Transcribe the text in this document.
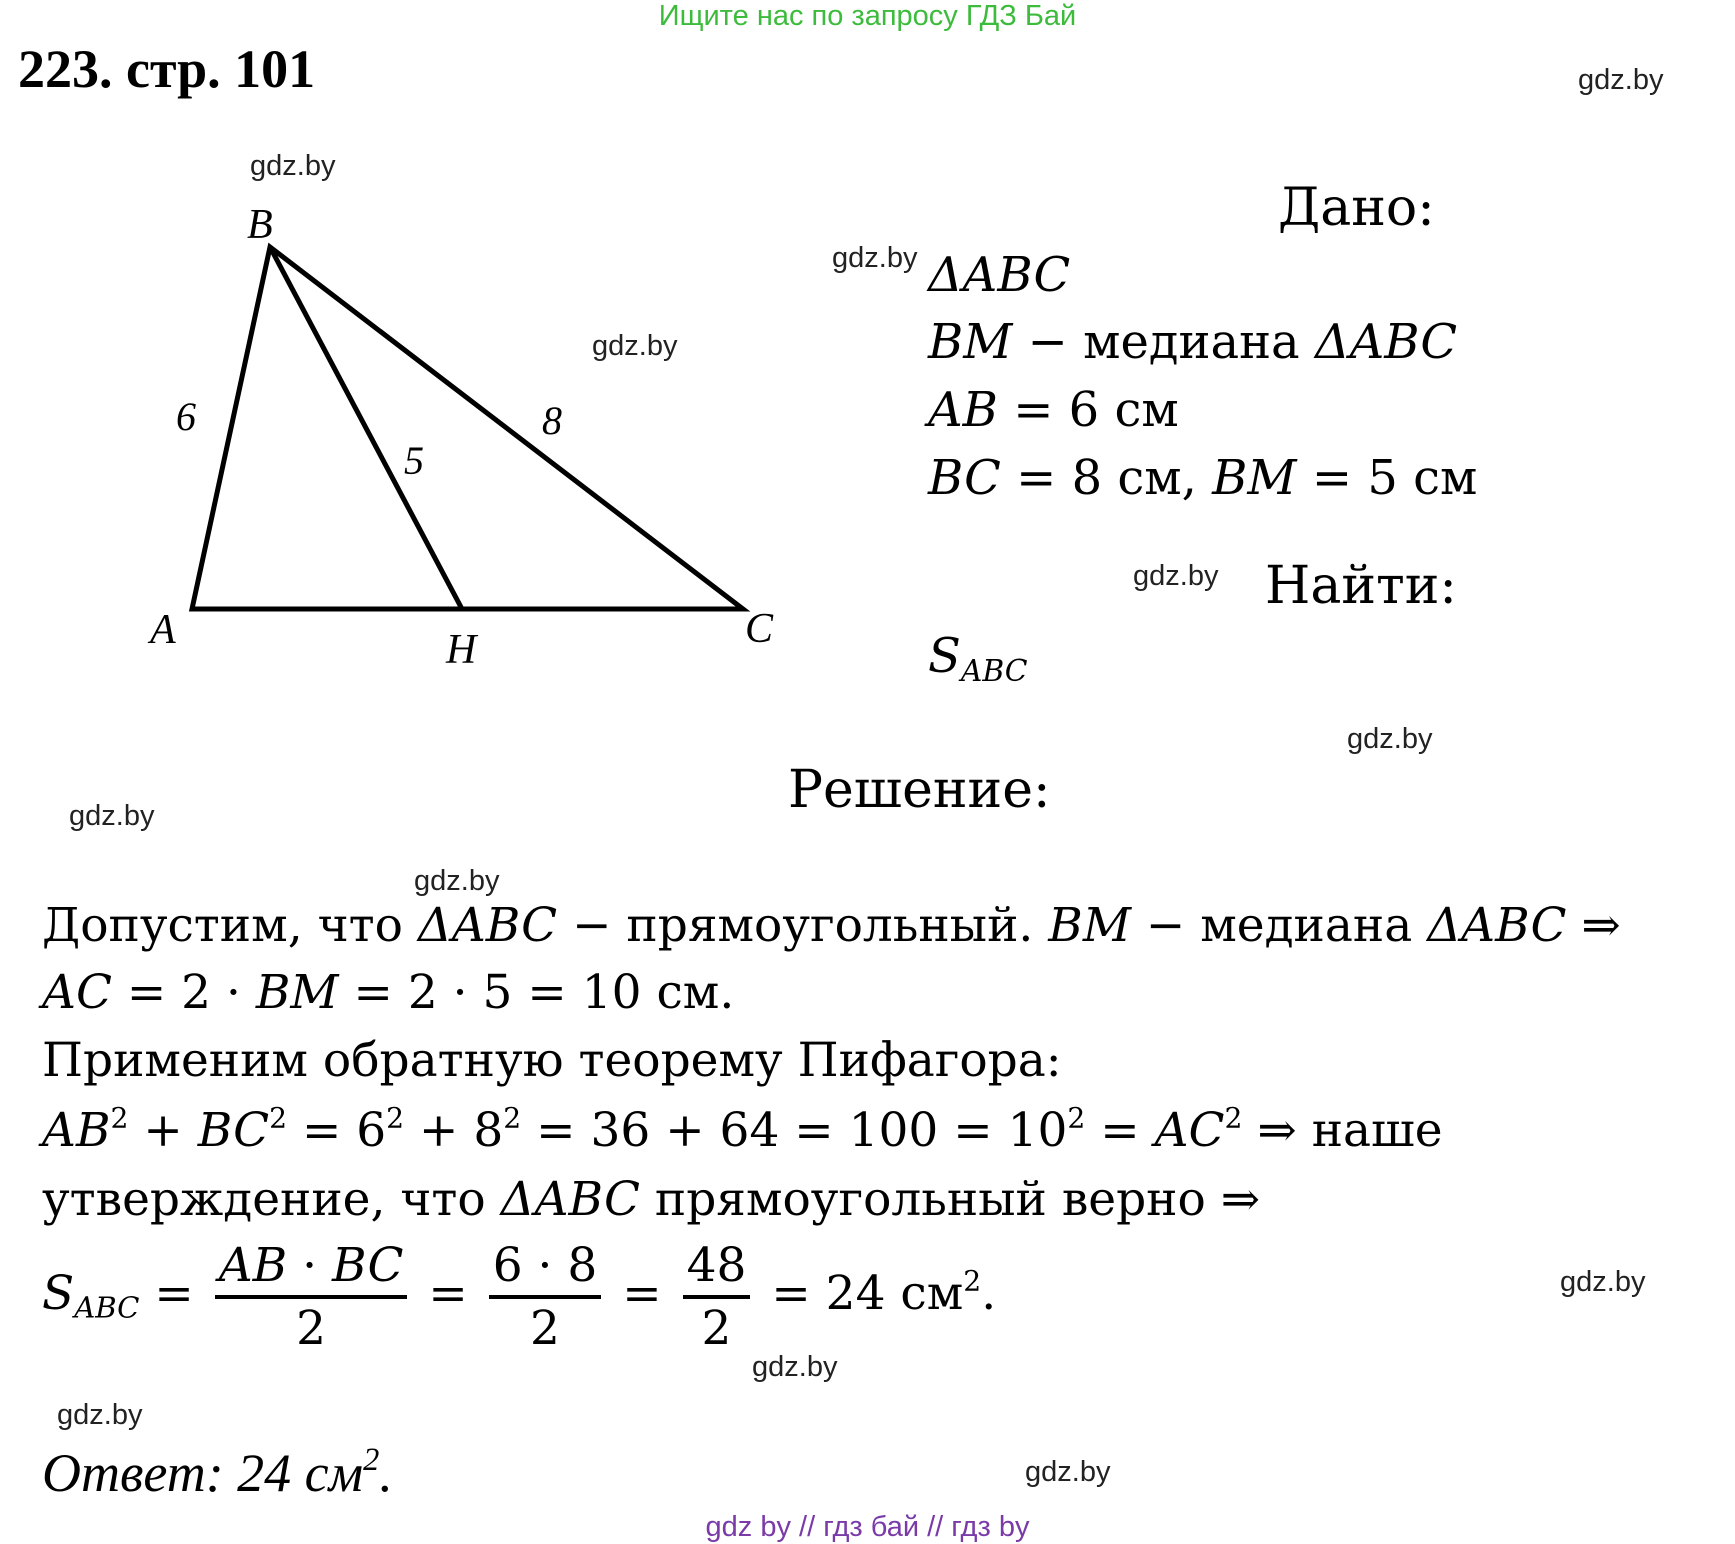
Ищите нас по запросу ГДЗ Бай
223. стр. 101	gdz.by
gdz.by
gdz.by
gdz.by
gdz.by
gdz.by
gdz.by
gdz.by
gdz.by
gdz.by
gdz.by
gdz.by
B
A	C
H
6
5
8
Дано:
ΔABC
BM − медиана ΔABC
AB = 6 см
BC = 8 см, BM = 5 см
Найти:
$S_{ABC}$
Решение:
Допустим, что ΔABC − прямоугольный. BM − медиана ΔABC ⇒
AC = 2 · BM = 2 · 5 = 10 см.
Применим обратную теорему Пифагора:
$AB^2 + BC^2 = 6^2 + 8^2 = 36 + 64 = 100 = 10^2 = AC^2$ ⇒ наше
утверждение, что ΔABC прямоугольный верно ⇒
$S_{ABC} = \frac{AB \cdot BC}{2} = \frac{6 \cdot 8}{2} = \frac{48}{2} = 24$ $см^2$.
Ответ: 24 $см^2$.
gdz by // гдз бай // гдз by
